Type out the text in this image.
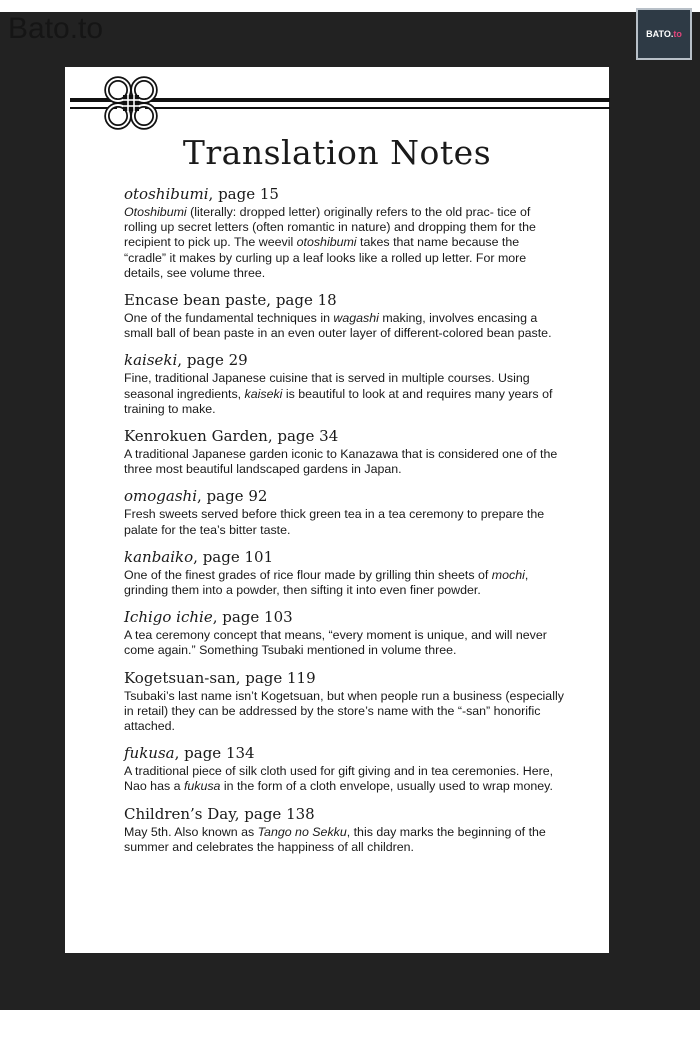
Bato.to	BATO. to
Translation Notes
otoshibumi, page 15
Otoshibumi (literally: dropped letter) originally refers to the old prac- tice of rolling up secret letters (often romantic in nature) and dropping them for the recipient to pick up. The weevil otoshibumi takes that name because the “cradle” it makes by curling up a leaf looks like a rolled up letter. For more details, see volume three.
Encase bean paste, page 18
One of the fundamental techniques in wagashi making, involves encasing a small ball of bean paste in an even outer layer of different-colored bean paste.
kaiseki, page 29
Fine, traditional Japanese cuisine that is served in multiple courses. Using seasonal ingredients, kaiseki is beautiful to look at and requires many years of training to make.
Kenrokuen Garden, page 34
A traditional Japanese garden iconic to Kanazawa that is considered one of the three most beautiful landscaped gardens in Japan.
omogashi, page 92
Fresh sweets served before thick green tea in a tea ceremony to prepare the palate for the tea’s bitter taste.
kanbaiko, page 101
One of the finest grades of rice flour made by grilling thin sheets of mochi, grinding them into a powder, then sifting it into even finer powder.
Ichigo ichie, page 103
A tea ceremony concept that means, “every moment is unique, and will never come again.” Something Tsubaki mentioned in volume three.
Kogetsuan-san, page 119
Tsubaki’s last name isn’t Kogetsuan, but when people run a business (especially in retail) they can be addressed by the store’s name with the “-san” honorific attached.
fukusa, page 134
A traditional piece of silk cloth used for gift giving and in tea ceremonies. Here, Nao has a fukusa in the form of a cloth envelope, usually used to wrap money.
Children’s Day, page 138
May 5th. Also known as Tango no Sekku, this day marks the beginning of the summer and celebrates the happiness of all children.
